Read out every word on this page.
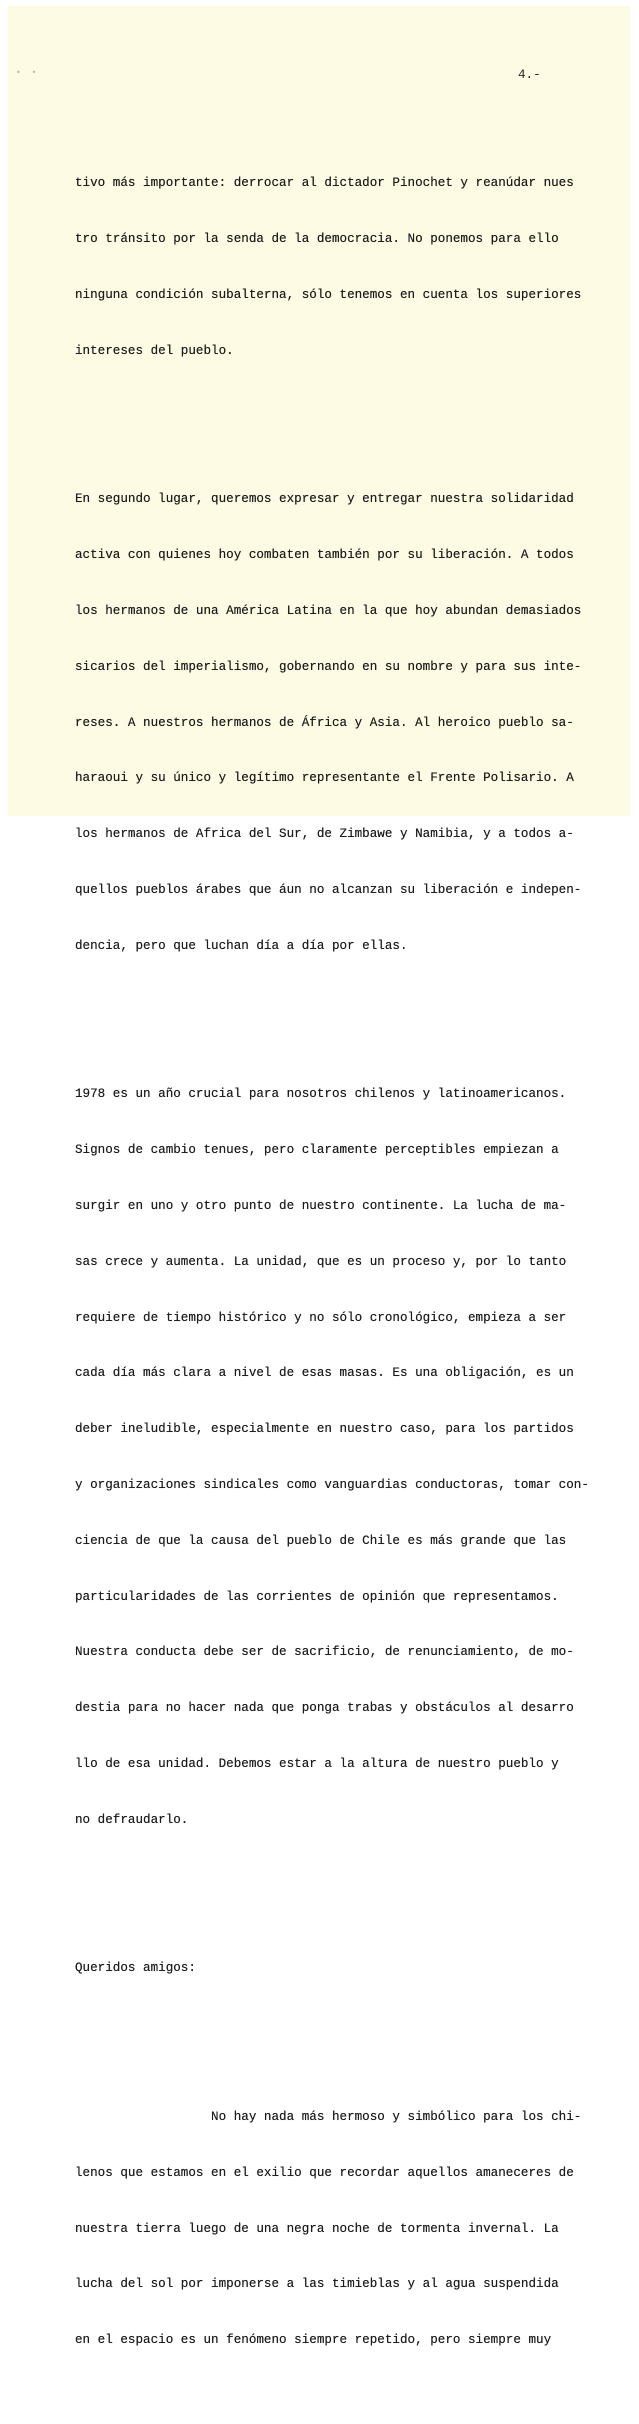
• •	4.-

tivo más importante: derrocar al dictador Pinochet y reanúdar nues

tro tránsito por la senda de la democracia. No ponemos para ello

ninguna condición subalterna, sólo tenemos en cuenta los superiores

intereses del pueblo.

En segundo lugar, queremos expresar y entregar nuestra solidaridad

activa con quienes hoy combaten también por su liberación. A todos

los hermanos de una América Latina en la que hoy abundan demasiados

sicarios del imperialismo, gobernando en su nombre y para sus inte-

reses. A nuestros hermanos de África y Asia. Al heroico pueblo sa-

haraoui y su único y legítimo representante el Frente Polisario. A

los hermanos de Africa del Sur, de Zimbawe y Namibia, y a todos a-

quellos pueblos árabes que áun no alcanzan su liberación e indepen-

dencia, pero que luchan día a día por ellas.

1978 es un año crucial para nosotros chilenos y latinoamericanos.

Signos de cambio tenues, pero claramente perceptibles empiezan a

surgir en uno y otro punto de nuestro continente. La lucha de ma-

sas crece y aumenta. La unidad, que es un proceso y, por lo tanto

requiere de tiempo histórico y no sólo cronológico, empieza a ser

cada día más clara a nivel de esas masas. Es una obligación, es un

deber ineludible, especialmente en nuestro caso, para los partidos

y organizaciones sindicales como vanguardias conductoras, tomar con-

ciencia de que la causa del pueblo de Chile es más grande que las

particularidades de las corrientes de opinión que representamos.

Nuestra conducta debe ser de sacrificio, de renunciamiento, de mo-

destia para no hacer nada que ponga trabas y obstáculos al desarro

llo de esa unidad. Debemos estar a la altura de nuestro pueblo y

no defraudarlo.

Queridos amigos:

No hay nada más hermoso y simbólico para los chi-

lenos que estamos en el exilio que recordar aquellos amaneceres de

nuestra tierra luego de una negra noche de tormenta invernal. La

lucha del sol por imponerse a las timieblas y al agua suspendida

en el espacio es un fenómeno siempre repetido, pero siempre muy
